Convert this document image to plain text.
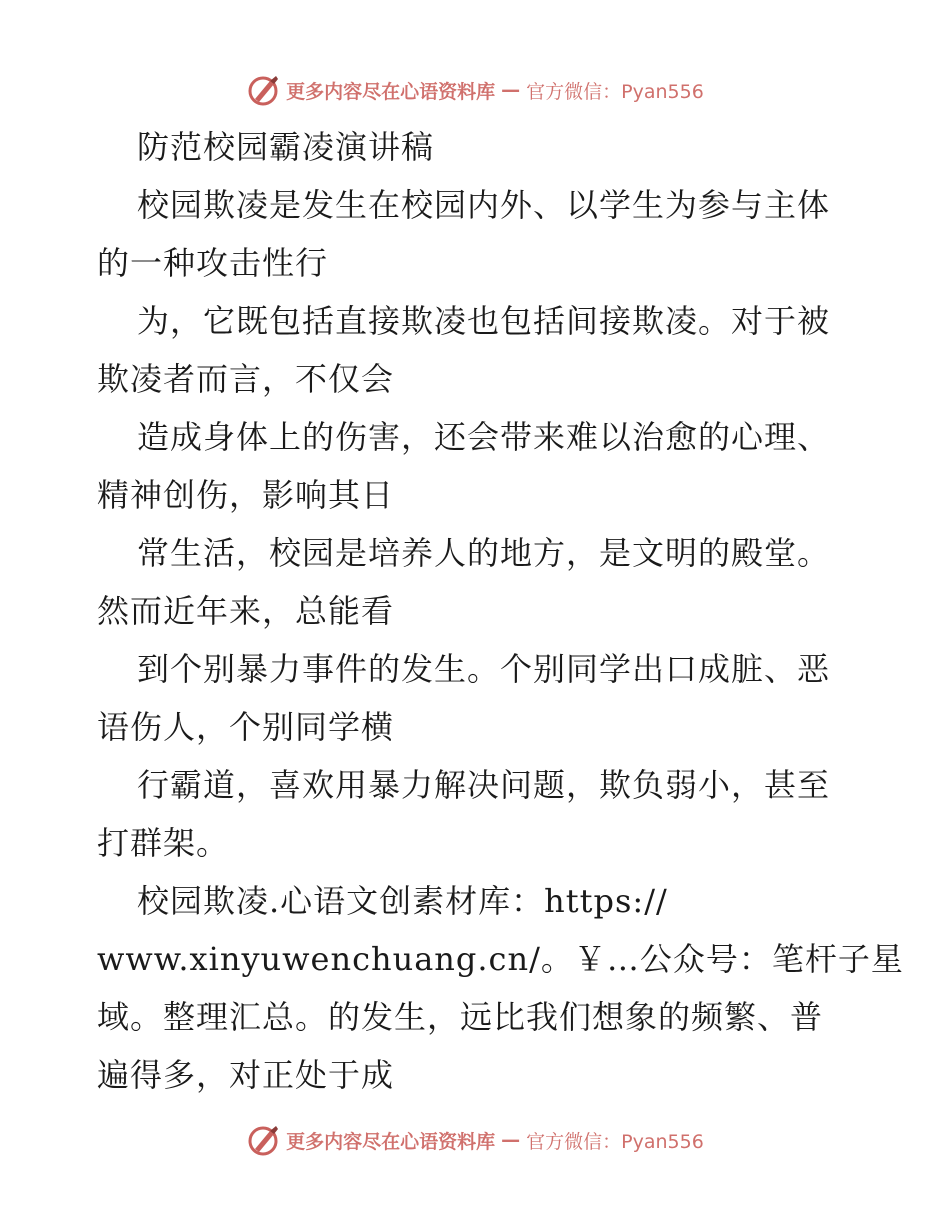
更多内容尽在心语资料库 — 官方微信：Pyan556

防范校园霸凌演讲稿

校园欺凌是发生在校园内外、以学生为参与主体

的一种攻击性行

为，它既包括直接欺凌也包括间接欺凌。对于被

欺凌者而言，不仅会

造成身体上的伤害，还会带来难以治愈的心理、

精神创伤，影响其日

常生活，校园是培养人的地方，是文明的殿堂。

然而近年来，总能看

到个别暴力事件的发生。个别同学出口成脏、恶

语伤人，个别同学横

行霸道，喜欢用暴力解决问题，欺负弱小，甚至

打群架。

校园欺凌.心语文创素材库：https://

www.xinyuwenchuang.cn/。￥…公众号：笔杆子星

域。整理汇总。的发生，远比我们想象的频繁、普

遍得多，对正处于成

更多内容尽在心语资料库 — 官方微信：Pyan556
